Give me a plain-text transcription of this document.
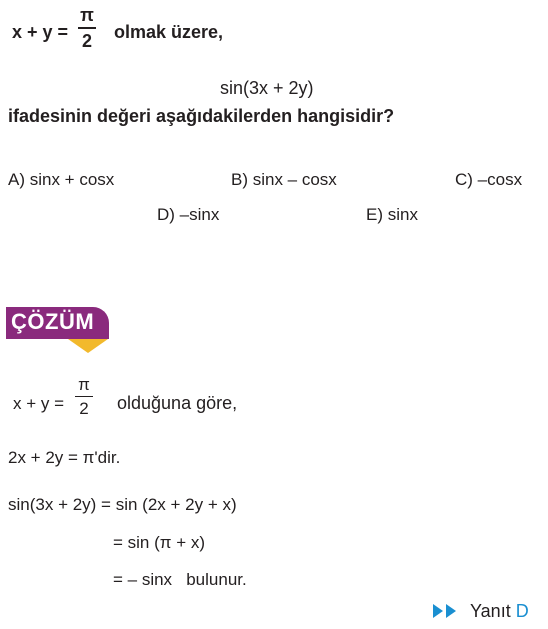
x + y =
π
2 olmak üzere,
sin(3x + 2y)
ifadesinin değeri aşağıdakilerden hangisidir?
A) sinx + cosx	B) sinx – cosx	C) –cosx
D) –sinx	E) sinx
ÇÖZÜM
x + y =
π
2 olduğuna göre,
2x + 2y = π'dir.
sin(3x + 2y) = sin (2x + 2y + x)
= sin (π + x)
= – sinx   bulunur.
Yanıt D
